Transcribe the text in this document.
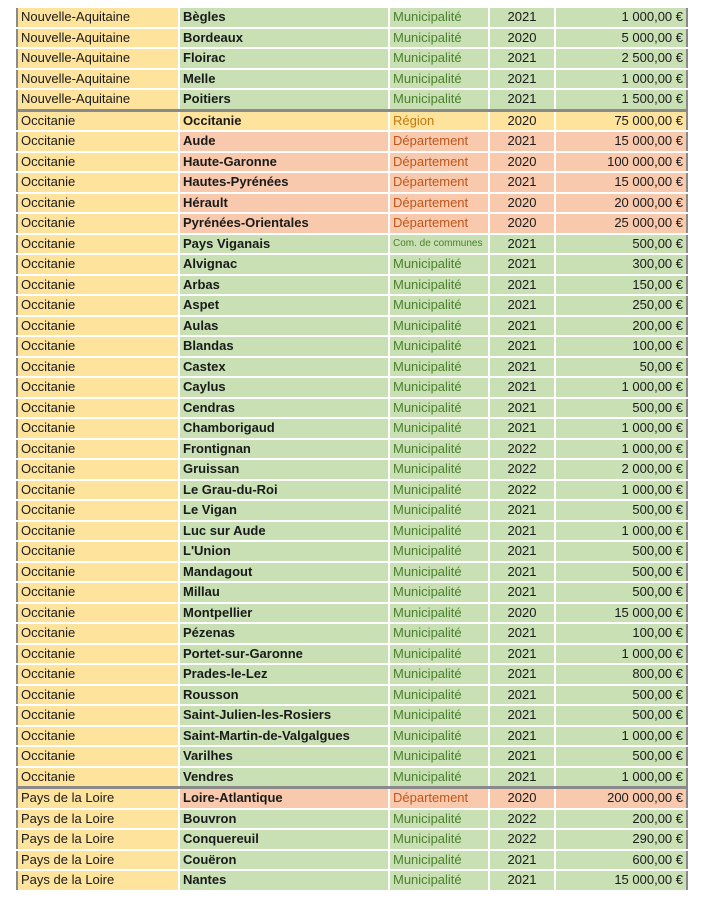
Nouvelle-Aquitaine	Bègles	Municipalité	2021	1 000,00 €
Nouvelle-Aquitaine	Bordeaux	Municipalité	2020	5 000,00 €
Nouvelle-Aquitaine	Floirac	Municipalité	2021	2 500,00 €
Nouvelle-Aquitaine	Melle	Municipalité	2021	1 000,00 €
Nouvelle-Aquitaine	Poitiers	Municipalité	2021	1 500,00 €
Occitanie	Occitanie	Région	2020	75 000,00 €
Occitanie	Aude	Département	2021	15 000,00 €
Occitanie	Haute-Garonne	Département	2020	100 000,00 €
Occitanie	Hautes-Pyrénées	Département	2021	15 000,00 €
Occitanie	Hérault	Département	2020	20 000,00 €
Occitanie	Pyrénées-Orientales	Département	2020	25 000,00 €
Occitanie	Pays Viganais	Com. de communes	2021	500,00 €
Occitanie	Alvignac	Municipalité	2021	300,00 €
Occitanie	Arbas	Municipalité	2021	150,00 €
Occitanie	Aspet	Municipalité	2021	250,00 €
Occitanie	Aulas	Municipalité	2021	200,00 €
Occitanie	Blandas	Municipalité	2021	100,00 €
Occitanie	Castex	Municipalité	2021	50,00 €
Occitanie	Caylus	Municipalité	2021	1 000,00 €
Occitanie	Cendras	Municipalité	2021	500,00 €
Occitanie	Chamborigaud	Municipalité	2021	1 000,00 €
Occitanie	Frontignan	Municipalité	2022	1 000,00 €
Occitanie	Gruissan	Municipalité	2022	2 000,00 €
Occitanie	Le Grau-du-Roi	Municipalité	2022	1 000,00 €
Occitanie	Le Vigan	Municipalité	2021	500,00 €
Occitanie	Luc sur Aude	Municipalité	2021	1 000,00 €
Occitanie	L'Union	Municipalité	2021	500,00 €
Occitanie	Mandagout	Municipalité	2021	500,00 €
Occitanie	Millau	Municipalité	2021	500,00 €
Occitanie	Montpellier	Municipalité	2020	15 000,00 €
Occitanie	Pézenas	Municipalité	2021	100,00 €
Occitanie	Portet-sur-Garonne	Municipalité	2021	1 000,00 €
Occitanie	Prades-le-Lez	Municipalité	2021	800,00 €
Occitanie	Rousson	Municipalité	2021	500,00 €
Occitanie	Saint-Julien-les-Rosiers	Municipalité	2021	500,00 €
Occitanie	Saint-Martin-de-Valgalgues	Municipalité	2021	1 000,00 €
Occitanie	Varilhes	Municipalité	2021	500,00 €
Occitanie	Vendres	Municipalité	2021	1 000,00 €
Pays de la Loire	Loire-Atlantique	Département	2020	200 000,00 €
Pays de la Loire	Bouvron	Municipalité	2022	200,00 €
Pays de la Loire	Conquereuil	Municipalité	2022	290,00 €
Pays de la Loire	Couëron	Municipalité	2021	600,00 €
Pays de la Loire	Nantes	Municipalité	2021	15 000,00 €
